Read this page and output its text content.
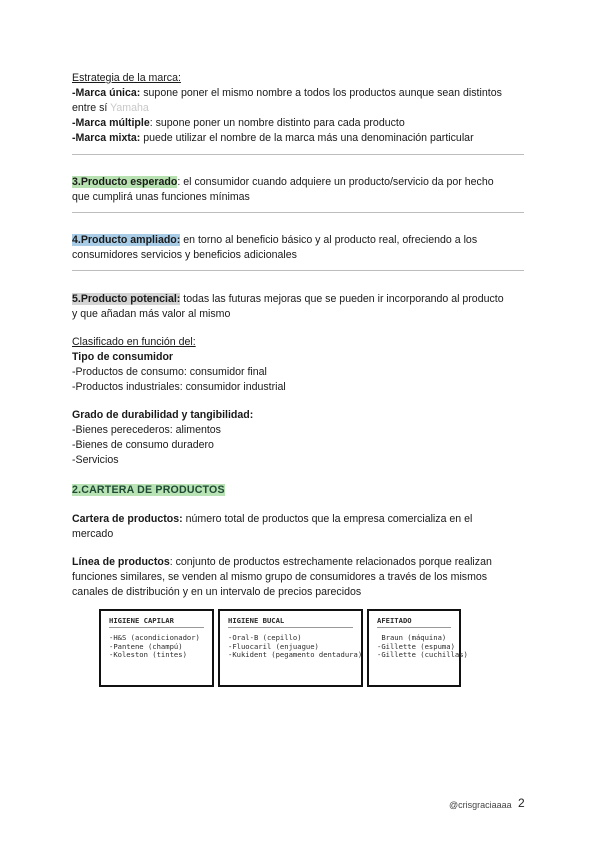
Estrategia de la marca:
-Marca única: supone poner el mismo nombre a todos los productos aunque sean distintos
entre sí Yamaha
-Marca múltiple: supone poner un nombre distinto para cada producto
-Marca mixta: puede utilizar el nombre de la marca más una denominación particular
3.Producto esperado: el consumidor cuando adquiere un producto/servicio da por hecho
que cumplirá unas funciones mínimas
4.Producto ampliado: en torno al beneficio básico y al producto real, ofreciendo a los
consumidores servicios y beneficios adicionales
5.Producto potencial: todas las futuras mejoras que se pueden ir incorporando al producto
y que añadan más valor al mismo
Clasificado en función del:
Tipo de consumidor
-Productos de consumo: consumidor final
-Productos industriales: consumidor industrial
Grado de durabilidad y tangibilidad:
-Bienes perecederos: alimentos
-Bienes de consumo duradero
-Servicios
2.CARTERA DE PRODUCTOS
Cartera de productos: número total de productos que la empresa comercializa en el
mercado
Línea de productos: conjunto de productos estrechamente relacionados porque realizan
funciones similares, se venden al mismo grupo de consumidores a través de los mismos
canales de distribución y en un intervalo de precios parecidos
HIGIENE CAPILAR
-H&S (acondicionador)
-Pantene (champú)
-Koleston (tintes)
HIGIENE BUCAL
-Oral-B (cepillo)
-Fluocaril (enjuague)
-Kukident (pegamento dentadura)
AFEITADO
Braun (máquina)
-Gillette (espuma)
-Gillette (cuchillas)
@crisgraciaaaa 2
